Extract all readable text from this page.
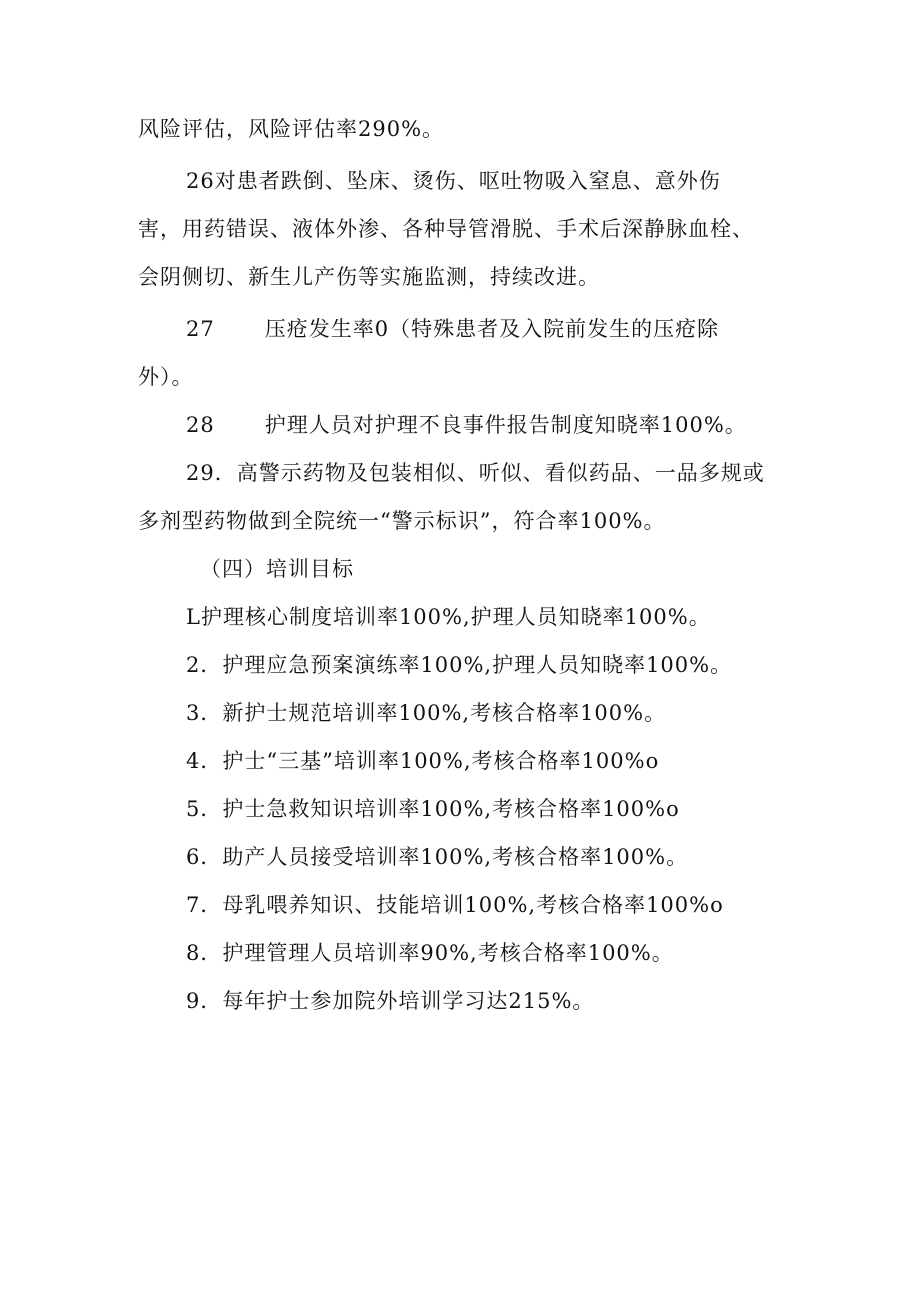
风险评估，风险评估率290%。
26对患者跌倒、坠床、烫伤、呕吐物吸入窒息、意外伤
害，用药错误、液体外渗、各种导管滑脱、手术后深静脉血栓、
会阴侧切、新生儿产伤等实施监测，持续改进。
27 压疮发生率0（特殊患者及入院前发生的压疮除
外）。
28 护理人员对护理不良事件报告制度知晓率100%。
29．高警示药物及包装相似、听似、看似药品、一品多规或
多剂型药物做到全院统一“警示标识”，符合率100%。
（四）培训目标
L护理核心制度培训率100%,护理人员知晓率100%。
2．护理应急预案演练率100%,护理人员知晓率100%。
3．新护士规范培训率100%,考核合格率100%。
4．护士“三基”培训率100%,考核合格率100%o
5．护士急救知识培训率100%,考核合格率100%o
6．助产人员接受培训率100%,考核合格率100%。
7．母乳喂养知识、技能培训100%,考核合格率100%o
8．护理管理人员培训率90%,考核合格率100%。
9．每年护士参加院外培训学习达215%。
